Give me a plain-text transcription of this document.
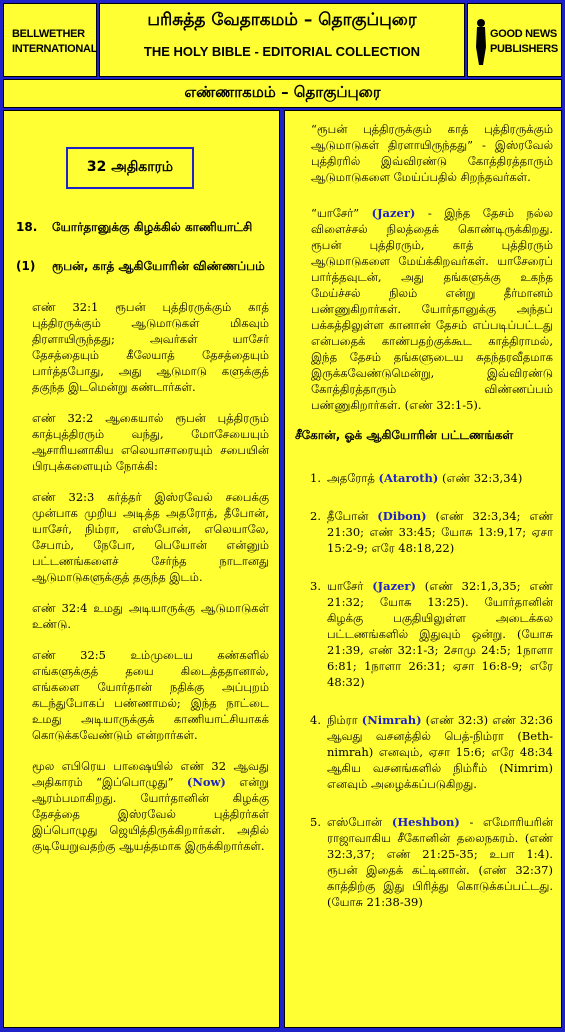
BELLWETHER
INTERNATIONAL
பரிசுத்த வேதாகமம் – தொகுப்புரை
THE HOLY BIBLE - EDITORIAL COLLECTION
GOOD NEWS
PUBLISHERS
எண்ணாகமம் – தொகுப்புரை
32 அதிகாரம்
18.	யோர்தானுக்கு கிழக்கில் காணியாட்சி
(1)	ரூபன், காத் ஆகியோரின் விண்ணப்பம்

எண் 32:1 ரூபன் புத்திரருக்கும் காத் புத்திரருக்கும் ஆடுமாடுகள் மிகவும் திரளாயிருந்தது; அவர்கள் யாசேர் தேசத்தையும் கீலேயாத் தேசத்தையும் பார்த்தபோது, அது ஆடுமாடு களுக்குத் தகுந்த இடமென்று கண்டார்கள்.

எண் 32:2 ஆகையால் ரூபன் புத்திரரும் காத்புத்திரரும் வந்து, மோசேயையும் ஆசாரியனாகிய எலெயாசாரையும் சபையின் பிரபுக்களையும் நோக்கி:

எண் 32:3 கர்த்தர் இஸ்ரவேல் சபைக்கு முன்பாக முறிய அடித்த அதரோத், தீபோன், யாசேர், நிம்ரா, எஸ்போன், எலெயாலே, சேபாம், நேபோ, பெயோன் என்னும் பட்டணங்களைச் சேர்ந்த நாடானது ஆடுமாடுகளுக்குத் தகுந்த இடம்.

எண் 32:4 உமது அடியாருக்கு ஆடுமாடுகள் உண்டு.

எண் 32:5 உம்முடைய கண்களில் எங்களுக்குத் தயை கிடைத்ததானால், எங்களை யோர்தான் நதிக்கு அப்புறம் கடந்துபோகப் பண்ணாமல்; இந்த நாட்டை உமது அடியாருக்குக் காணியாட்சியாகக் கொடுக்கவேண்டும் என்றார்கள்.

மூல எபிரெய பாஷையில் எண் 32 ஆவது அதிகாரம் “இப்பொழுது” (Now) என்று ஆரம்பமாகிறது. யோர்தானின் கிழக்கு தேசத்தை இஸ்ரவேல் புத்திரர்கள் இப்பொழுது ஜெயித்திருக்கிறார்கள். அதில் குடியேறுவதற்கு ஆயத்தமாக இருக்கிறார்கள்.

“ரூபன் புத்திரருக்கும் காத் புத்திரருக்கும் ஆடுமாடுகள் திரளாயிருந்தது” - இஸ்ரவேல் புத்திரரில் இவ்விரண்டு கோத்திரத்தாரும் ஆடுமாடுகளை மேய்ப்பதில் சிறந்தவர்கள்.

“யாசேர்” (Jazer) - இந்த தேசம் நல்ல விளைச்சல் நிலத்தைக் கொண்டிருக்கிறது. ரூபன் புத்திரரும், காத் புத்திரரும் ஆடுமாடுகளை மேய்க்கிறவர்கள். யாசேரைப் பார்த்தவுடன், அது தங்களுக்கு உகந்த மேய்ச்சல் நிலம் என்று தீர்மானம் பண்ணுகிறார்கள். யோர்தானுக்கு அந்தப் பக்கத்திலுள்ள கானான் தேசம் எப்படிப்பட்டது என்பதைக் காண்பதற்குக்கூட காத்திராமல், இந்த தேசம் தங்களுடைய சுதந்தரவீதமாக இருக்கவேண்டுமென்று, இவ்விரண்டு கோத்திரத்தாரும் விண்ணப்பம் பண்ணுகிறார்கள். (எண் 32:1-5).

சீகோன், ஓக் ஆகியோரின் பட்டணங்கள்
1. அதரோத் (Ataroth) (எண் 32:3,34)
2. தீபோன் (Dibon) (எண் 32:3,34; எண் 21:30; எண் 33:45; யோசு 13:9,17; ஏசா 15:2-9; எரே 48:18,22)
3. யாசேர் (Jazer) (எண் 32:1,3,35; எண் 21:32; யோசு 13:25). யோர்தானின் கிழக்கு பகுதியிலுள்ள அடைக்கல பட்டணங்களில் இதுவும் ஒன்று. (யோசு 21:39, எண் 32:1-3; 2சாமு 24:5; 1நாளா 6:81; 1நாளா 26:31; ஏசா 16:8-9; எரே 48:32)
4. நிம்ரா (Nimrah) (எண் 32:3) எண் 32:36 ஆவது வசனத்தில் பெத்-நிம்ரா (Beth-nimrah) எனவும், ஏசா 15:6; எரே 48:34 ஆகிய வசனங்களில் நிம்ரீம் (Nimrim) எனவும் அழைக்கப்படுகிறது.
5. எஸ்போன் (Heshbon) - எமோரியரின் ராஜாவாகிய சீகோனின் தலைநகரம். (எண் 32:3,37; எண் 21:25-35; உபா 1:4). ரூபன் இதைக் கட்டினான். (எண் 32:37) காத்திற்கு இது பிரித்து கொடுக்கப்பட்டது. (யோசு 21:38-39)
